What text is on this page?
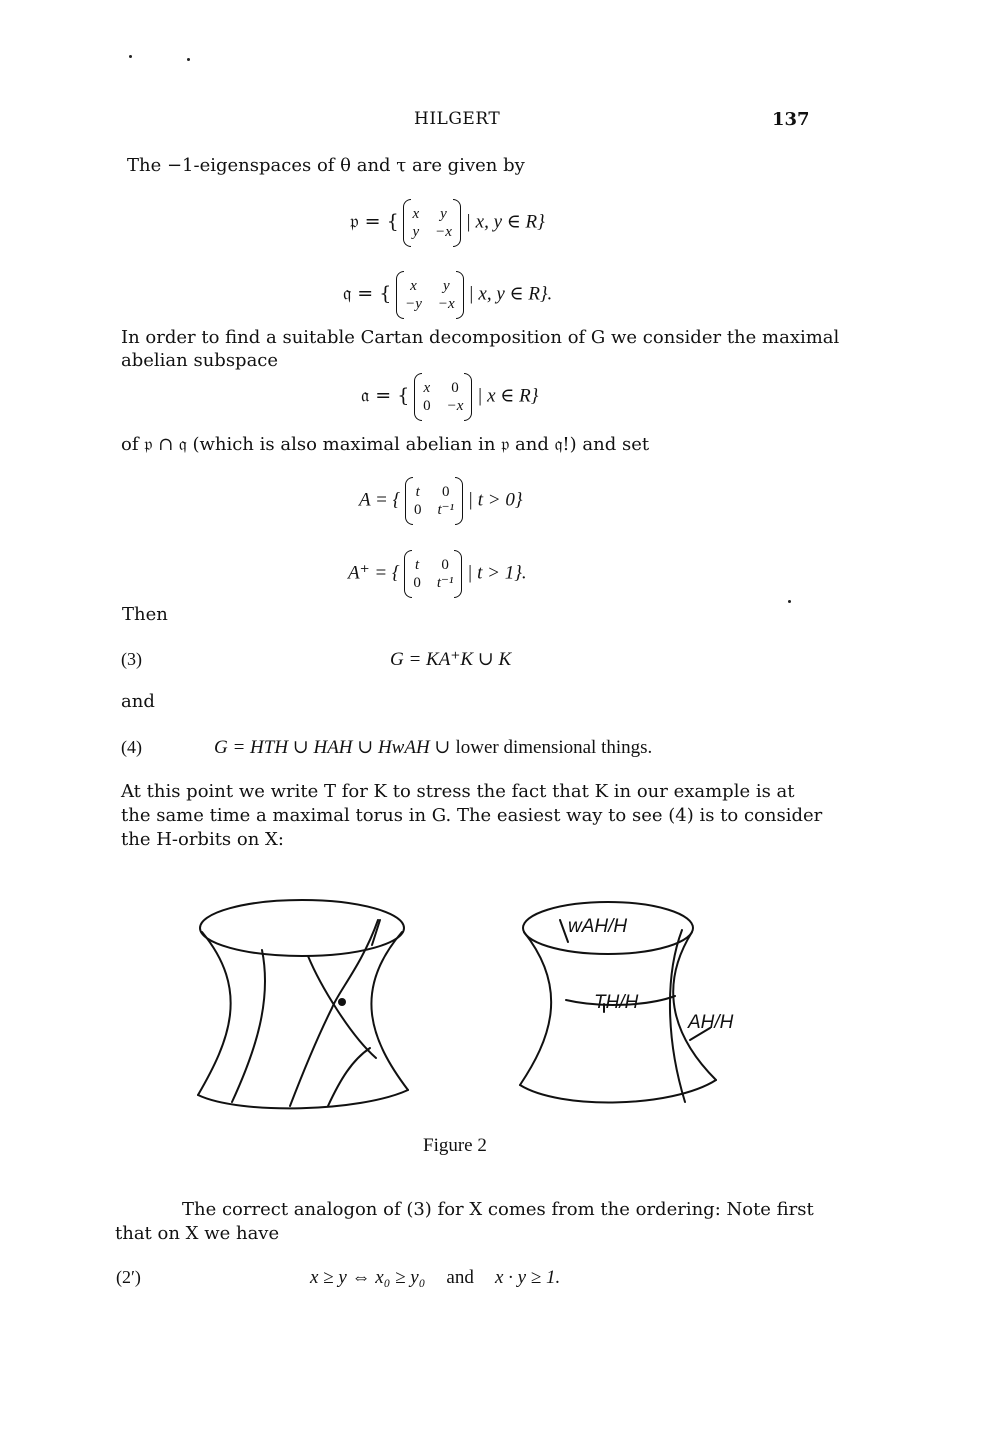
HILGERT	137
The −1-eigenspaces of θ and τ are given by
𝔭 = { x	y
y −x | x, y ∈ R}
𝔮 = {	x	y
−y −x | x, y ∈ R}.
In order to find a suitable Cartan decomposition of G we consider the maximal
abelian subspace
𝔞 = { x	0
0 −x | x ∈ R}
of 𝔭 ∩ 𝔮 (which is also maximal abelian in 𝔭 and 𝔮!) and set
A = { t	0
0 t⁻¹ | t > 0}
A⁺ = { t	0
0 t⁻¹ | t > 1}.
Then
(3)	G = KA⁺K ∪ K
and
(4)	G = HTH ∪ HAH ∪ HwAH ∪ lower dimensional things.
At this point we write T for K to stress the fact that K in our example is at
the same time a maximal torus in G. The easiest way to see (4) is to consider
the H-orbits on X:
wAH/H
TH/H
AH/H
Figure 2
The correct analogon of (3) for X comes from the ordering: Note first
that on X we have
(2′)	x ≥ y ⇔ x₀ ≥ y₀ and x · y ≥ 1.
